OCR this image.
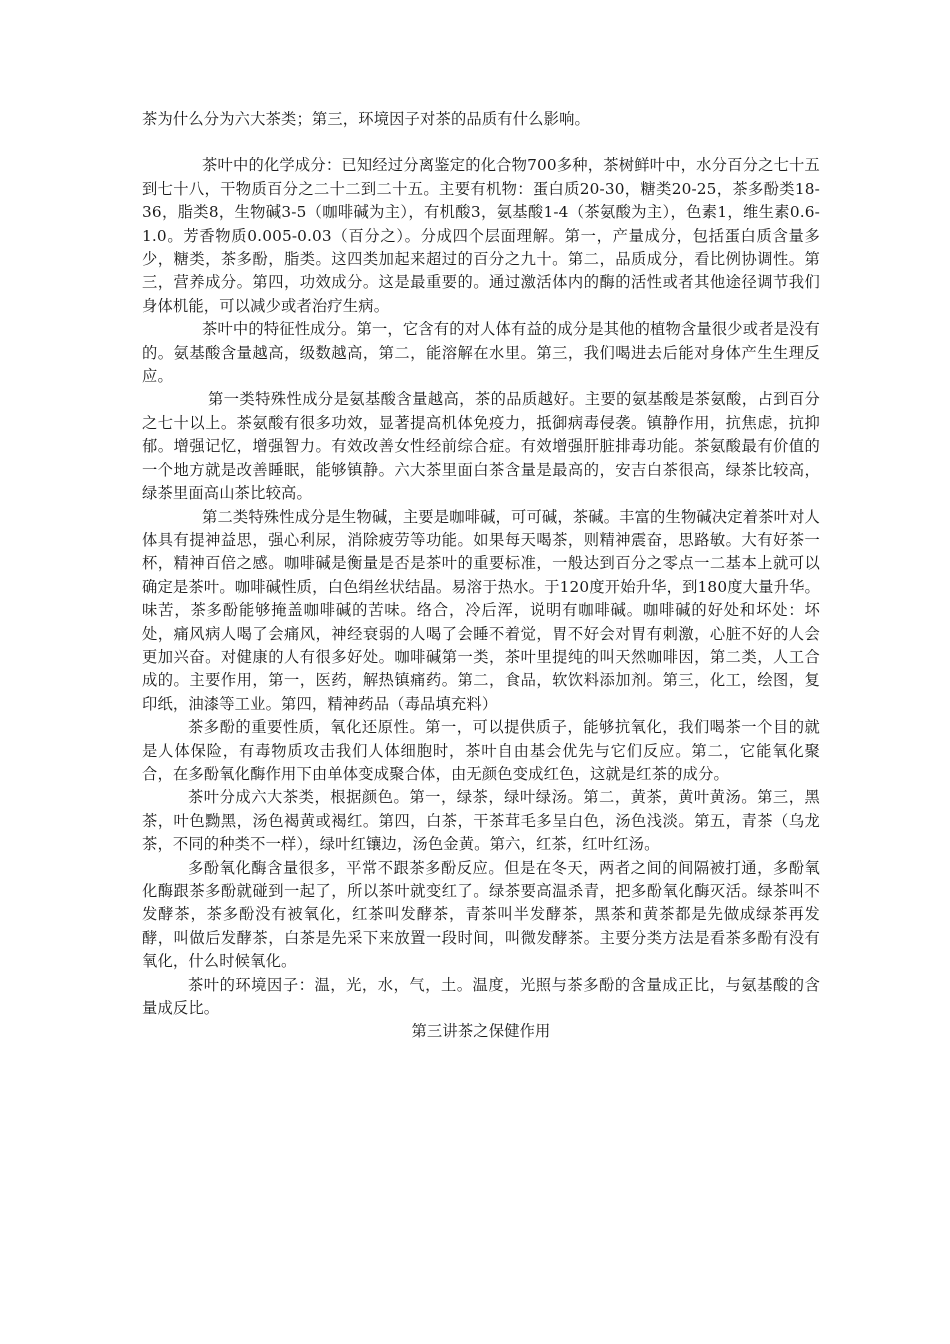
茶为什么分为六大茶类；第三，环境因子对茶的品质有什么影响。

茶叶中的化学成分：已知经过分离鉴定的化合物700多种，茶树鲜叶中，水分百分之七十五到七十八，干物质百分之二十二到二十五。主要有机物：蛋白质20-30，糖类20-25，茶多酚类18-36，脂类8，生物碱3-5（咖啡碱为主），有机酸3，氨基酸1-4（茶氨酸为主），色素1，维生素0.6-1.0。芳香物质0.005-0.03（百分之）。分成四个层面理解。第一，产量成分，包括蛋白质含量多少，糖类，茶多酚，脂类。这四类加起来超过的百分之九十。第二，品质成分，看比例协调性。第三，营养成分。第四，功效成分。这是最重要的。通过激活体内的酶的活性或者其他途径调节我们身体机能，可以减少或者治疗生病。

茶叶中的特征性成分。第一，它含有的对人体有益的成分是其他的植物含量很少或者是没有的。氨基酸含量越高，级数越高，第二，能溶解在水里。第三，我们喝进去后能对身体产生生理反应。

第一类特殊性成分是氨基酸含量越高，茶的品质越好。主要的氨基酸是茶氨酸，占到百分之七十以上。茶氨酸有很多功效，显著提高机体免疫力，抵御病毒侵袭。镇静作用，抗焦虑，抗抑郁。增强记忆，增强智力。有效改善女性经前综合症。有效增强肝脏排毒功能。茶氨酸最有价值的一个地方就是改善睡眠，能够镇静。六大茶里面白茶含量是最高的，安吉白茶很高，绿茶比较高，绿茶里面高山茶比较高。

第二类特殊性成分是生物碱，主要是咖啡碱，可可碱，茶碱。丰富的生物碱决定着茶叶对人体具有提神益思，强心利尿，消除疲劳等功能。如果每天喝茶，则精神震奋，思路敏。大有好茶一杯，精神百倍之感。咖啡碱是衡量是否是茶叶的重要标准，一般达到百分之零点一二基本上就可以确定是茶叶。咖啡碱性质，白色绢丝状结晶。易溶于热水。于120度开始升华，到180度大量升华。味苦，茶多酚能够掩盖咖啡碱的苦味。络合，冷后浑，说明有咖啡碱。咖啡碱的好处和坏处：坏处，痛风病人喝了会痛风，神经衰弱的人喝了会睡不着觉，胃不好会对胃有刺激，心脏不好的人会更加兴奋。对健康的人有很多好处。咖啡碱第一类，茶叶里提纯的叫天然咖啡因，第二类，人工合成的。主要作用，第一，医药，解热镇痛药。第二，食品，软饮料添加剂。第三，化工，绘图，复印纸，油漆等工业。第四，精神药品（毒品填充料）

茶多酚的重要性质，氧化还原性。第一，可以提供质子，能够抗氧化，我们喝茶一个目的就是人体保险，有毒物质攻击我们人体细胞时，茶叶自由基会优先与它们反应。第二，它能氧化聚合，在多酚氧化酶作用下由单体变成聚合体，由无颜色变成红色，这就是红茶的成分。

茶叶分成六大茶类，根据颜色。第一，绿茶，绿叶绿汤。第二，黄茶，黄叶黄汤。第三，黑茶，叶色黝黑，汤色褐黄或褐红。第四，白茶，干茶茸毛多呈白色，汤色浅淡。第五，青茶（乌龙茶，不同的种类不一样），绿叶红镶边，汤色金黄。第六，红茶，红叶红汤。

多酚氧化酶含量很多，平常不跟茶多酚反应。但是在冬天，两者之间的间隔被打通，多酚氧化酶跟茶多酚就碰到一起了，所以茶叶就变红了。绿茶要高温杀青，把多酚氧化酶灭活。绿茶叫不发酵茶，茶多酚没有被氧化，红茶叫发酵茶，青茶叫半发酵茶，黑茶和黄茶都是先做成绿茶再发酵，叫做后发酵茶，白茶是先采下来放置一段时间，叫微发酵茶。主要分类方法是看茶多酚有没有氧化，什么时候氧化。

茶叶的环境因子：温，光，水，气，土。温度，光照与茶多酚的含量成正比，与氨基酸的含量成反比。

第三讲茶之保健作用
